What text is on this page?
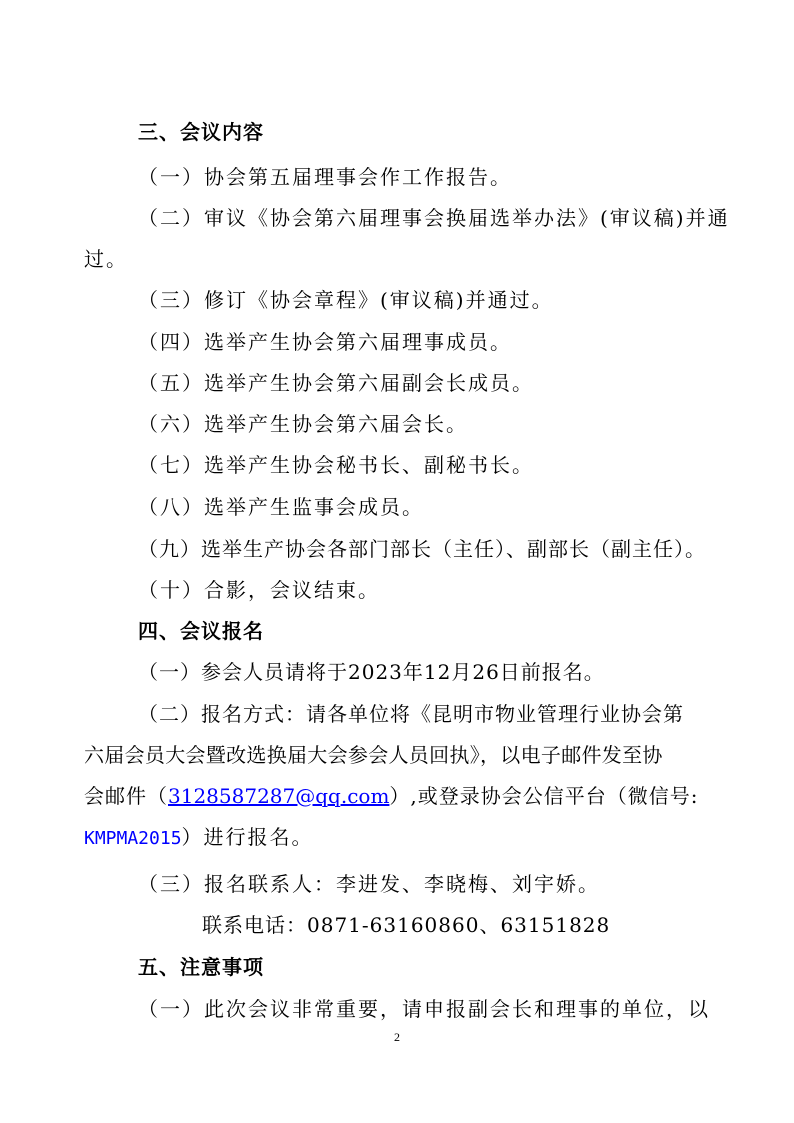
三、会议内容
（一）协会第五届理事会作工作报告。
（二）审议《协会第六届理事会换届选举办法》(审议稿)并通
过。
（三）修订《协会章程》(审议稿)并通过。
（四）选举产生协会第六届理事成员。
（五）选举产生协会第六届副会长成员。
（六）选举产生协会第六届会长。
（七）选举产生协会秘书长、副秘书长。
（八）选举产生监事会成员。
（九）选举生产协会各部门部长（主任）、副部长（副主任）。
（十）合影，会议结束。
四、会议报名
（一）参会人员请将于2023年12月26日前报名。
（二）报名方式：请各单位将《昆明市物业管理行业协会第
六届会员大会暨改选换届大会参会人员回执》，以电子邮件发至协
会邮件（3128587287@qq.com）,或登录协会公信平台（微信号:
KMPMA2015）进行报名。
（三）报名联系人：李进发、李晓梅、刘宇娇。
联系电话：0871-63160860、63151828
五、注意事项
（一）此次会议非常重要，请申报副会长和理事的单位，以
2
